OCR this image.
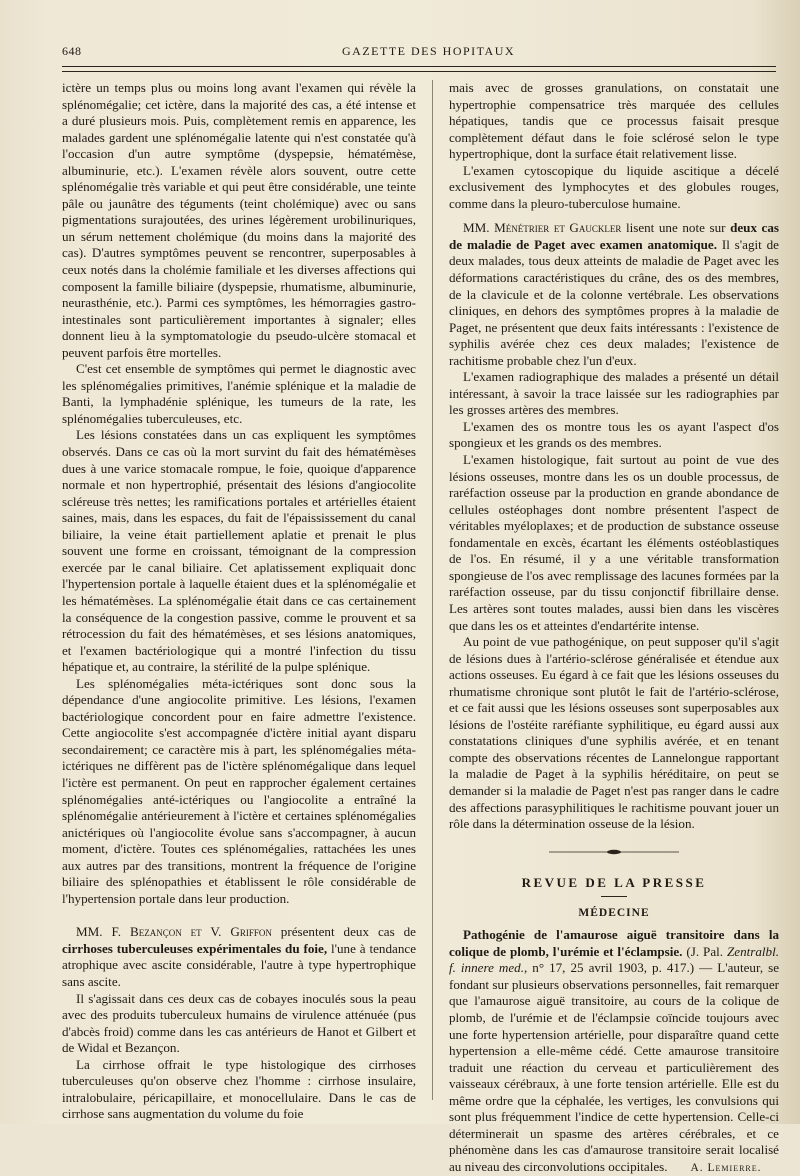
648	GAZETTE DES HOPITAUX

ictère un temps plus ou moins long avant l'examen qui révèle la splénomégalie; cet ictère, dans la majorité des cas, a été intense et a duré plusieurs mois. Puis, complètement remis en apparence, les malades gardent une splénomégalie latente qui n'est constatée qu'à l'occasion d'un autre symptôme (dyspepsie, hématémèse, albuminurie, etc.). L'examen révèle alors souvent, outre cette splénomégalie très variable et qui peut être considérable, une teinte pâle ou jaunâtre des téguments (teint cholémique) avec ou sans pigmentations surajoutées, des urines légèrement urobilinuriques, un sérum nettement cholémique (du moins dans la majorité des cas). D'autres symptômes peuvent se rencontrer, superposables à ceux notés dans la cholémie familiale et les diverses affections qui composent la famille biliaire (dyspepsie, rhumatisme, albuminurie, neurasthénie, etc.). Parmi ces symptômes, les hémorragies gastro-intestinales sont particulièrement importantes à signaler; elles donnent lieu à la symptomatologie du pseudo-ulcère stomacal et peuvent parfois être mortelles.

C'est cet ensemble de symptômes qui permet le diagnostic avec les splénomégalies primitives, l'anémie splénique et la maladie de Banti, la lymphadénie splénique, les tumeurs de la rate, les splénomégalies tuberculeuses, etc.

Les lésions constatées dans un cas expliquent les symptômes observés. Dans ce cas où la mort survint du fait des hématémèses dues à une varice stomacale rompue, le foie, quoique d'apparence normale et non hypertrophié, présentait des lésions d'angiocolite scléreuse très nettes; les ramifications portales et artérielles étaient saines, mais, dans les espaces, du fait de l'épaississement du canal biliaire, la veine était partiellement aplatie et prenait le plus souvent une forme en croissant, témoignant de la compression exercée par le canal biliaire. Cet aplatissement expliquait donc l'hypertension portale à laquelle étaient dues et la splénomégalie et les hématémèses. La splénomégalie était dans ce cas certainement la conséquence de la congestion passive, comme le prouvent et sa rétrocession du fait des hématémèses, et ses lésions anatomiques, et l'examen bactériologique qui a montré l'infection du tissu hépatique et, au contraire, la stérilité de la pulpe splénique.

Les splénomégalies méta-ictériques sont donc sous la dépendance d'une angiocolite primitive. Les lésions, l'examen bactériologique concordent pour en faire admettre l'existence. Cette angiocolite s'est accompagnée d'ictère initial ayant disparu secondairement; ce caractère mis à part, les splénomégalies méta-ictériques ne diffèrent pas de l'ictère splénomégalique dans lequel l'ictère est permanent. On peut en rapprocher également certaines splénomégalies anté-ictériques ou l'angiocolite a entraîné la splénomégalie antérieurement à l'ictère et certaines splénomégalies anictériques où l'angiocolite évolue sans s'accompagner, à aucun moment, d'ictère. Toutes ces splénomégalies, rattachées les unes aux autres par des transitions, montrent la fréquence de l'origine biliaire des splénopathies et établissent le rôle considérable de l'hypertension portale dans leur production.

MM. F. Bezançon et V. Griffon présentent deux cas de cirrhoses tuberculeuses expérimentales du foie, l'une à tendance atrophique avec ascite considérable, l'autre à type hypertrophique sans ascite.

Il s'agissait dans ces deux cas de cobayes inoculés sous la peau avec des produits tuberculeux humains de virulence atténuée (pus d'abcès froid) comme dans les cas antérieurs de Hanot et Gilbert et de Widal et Bezançon.

La cirrhose offrait le type histologique des cirrhoses tuberculeuses qu'on observe chez l'homme : cirrhose insulaire, intralobulaire, péricapillaire, et monocellulaire. Dans le cas de cirrhose sans augmentation du volume du foie

mais avec de grosses granulations, on constatait une hypertrophie compensatrice très marquée des cellules hépatiques, tandis que ce processus faisait presque complètement défaut dans le foie sclérosé selon le type hypertrophique, dont la surface était relativement lisse.

L'examen cytoscopique du liquide ascitique a décelé exclusivement des lymphocytes et des globules rouges, comme dans la pleuro-tuberculose humaine.

MM. Ménétrier et Gauckler lisent une note sur deux cas de maladie de Paget avec examen anatomique. Il s'agit de deux malades, tous deux atteints de maladie de Paget avec les déformations caractéristiques du crâne, des os des membres, de la clavicule et de la colonne vertébrale. Les observations cliniques, en dehors des symptômes propres à la maladie de Paget, ne présentent que deux faits intéressants : l'existence de syphilis avérée chez ces deux malades; l'existence de rachitisme probable chez l'un d'eux.

L'examen radiographique des malades a présenté un détail intéressant, à savoir la trace laissée sur les radiographies par les grosses artères des membres.

L'examen des os montre tous les os ayant l'aspect d'os spongieux et les grands os des membres.

L'examen histologique, fait surtout au point de vue des lésions osseuses, montre dans les os un double processus, de raréfaction osseuse par la production en grande abondance de cellules ostéophages dont nombre présentent l'aspect de véritables myéloplaxes; et de production de substance osseuse fondamentale en excès, écartant les éléments ostéoblastiques de l'os. En résumé, il y a une véritable transformation spongieuse de l'os avec remplissage des lacunes formées par la raréfaction osseuse, par du tissu conjonctif fibrillaire dense. Les artères sont toutes malades, aussi bien dans les viscères que dans les os et atteintes d'endartérite intense.

Au point de vue pathogénique, on peut supposer qu'il s'agit de lésions dues à l'artério-sclérose généralisée et étendue aux actions osseuses. Eu égard à ce fait que les lésions osseuses du rhumatisme chronique sont plutôt le fait de l'artério-sclérose, et ce fait aussi que les lésions osseuses sont superposables aux lésions de l'ostéite raréfiante syphilitique, eu égard aussi aux constatations cliniques d'une syphilis avérée, et en tenant compte des observations récentes de Lannelongue rapportant la maladie de Paget à la syphilis héréditaire, on peut se demander si la maladie de Paget n'est pas ranger dans le cadre des affections parasyphilitiques le rachitisme pouvant jouer un rôle dans la détermination osseuse de la lésion.

REVUE DE LA PRESSE
MÉDECINE

Pathogénie de l'amaurose aiguë transitoire dans la colique de plomb, l'urémie et l'éclampsie. (J. Pal. Zentralbl. f. innere med., n° 17, 25 avril 1903, p. 417.) — L'auteur, se fondant sur plusieurs observations personnelles, fait remarquer que l'amaurose aiguë transitoire, au cours de la colique de plomb, de l'urémie et de l'éclampsie coïncide toujours avec une forte hypertension artérielle, pour disparaître quand cette hypertension a elle-même cédé. Cette amaurose transitoire traduit une réaction du cerveau et particulièrement des vaisseaux cérébraux, à une forte tension artérielle. Elle est du même ordre que la céphalée, les vertiges, les convulsions qui sont plus fréquemment l'indice de cette hypertension. Celle-ci déterminerait un spasme des artères cérébrales, et ce phénomène dans les cas d'amaurose transitoire serait localisé au niveau des circonvolutions occipitales. A. Lemierre.
